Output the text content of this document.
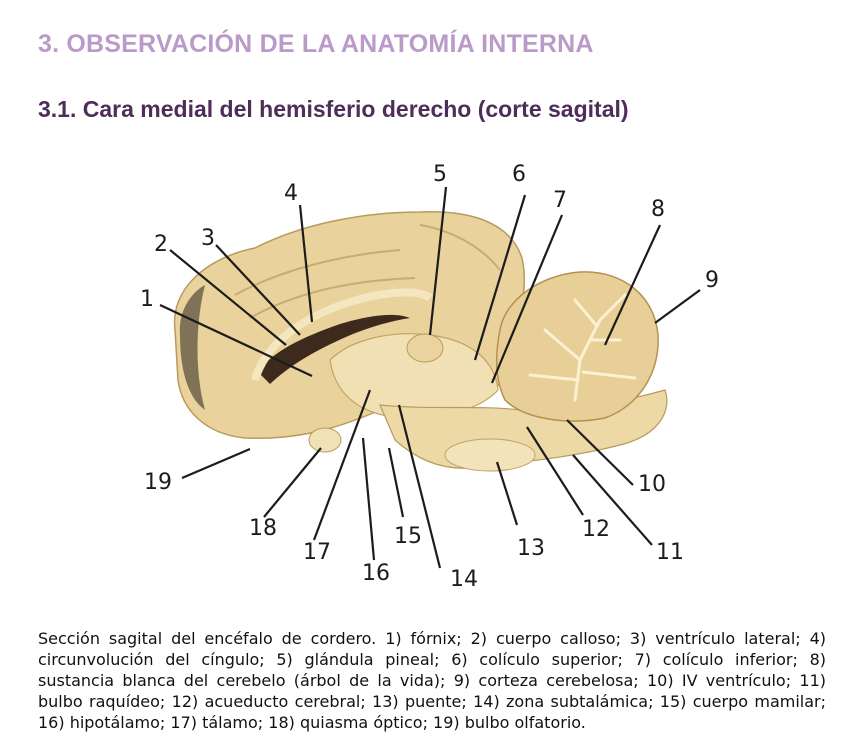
3. OBSERVACIÓN DE LA ANATOMÍA INTERNA
3.1. Cara medial del hemisferio derecho (corte sagital)
1
2 3
4
5	6
7	8
9
10
11
12
13
14
15
16
17
18
19

Sección sagital del encéfalo de cordero. 1) fórnix; 2) cuerpo calloso; 3) ventrículo lateral; 4) circunvolución del cíngulo; 5) glándula pineal; 6) colículo superior; 7) colículo inferior; 8) sustancia blanca del cerebelo (árbol de la vida); 9) corteza cerebelosa; 10) IV ventrículo; 11) bulbo raquídeo; 12) acueducto cerebral; 13) puente; 14) zona subtalámica; 15) cuerpo mamilar; 16) hipotálamo; 17) tálamo; 18) quiasma óptico; 19) bulbo olfatorio.
